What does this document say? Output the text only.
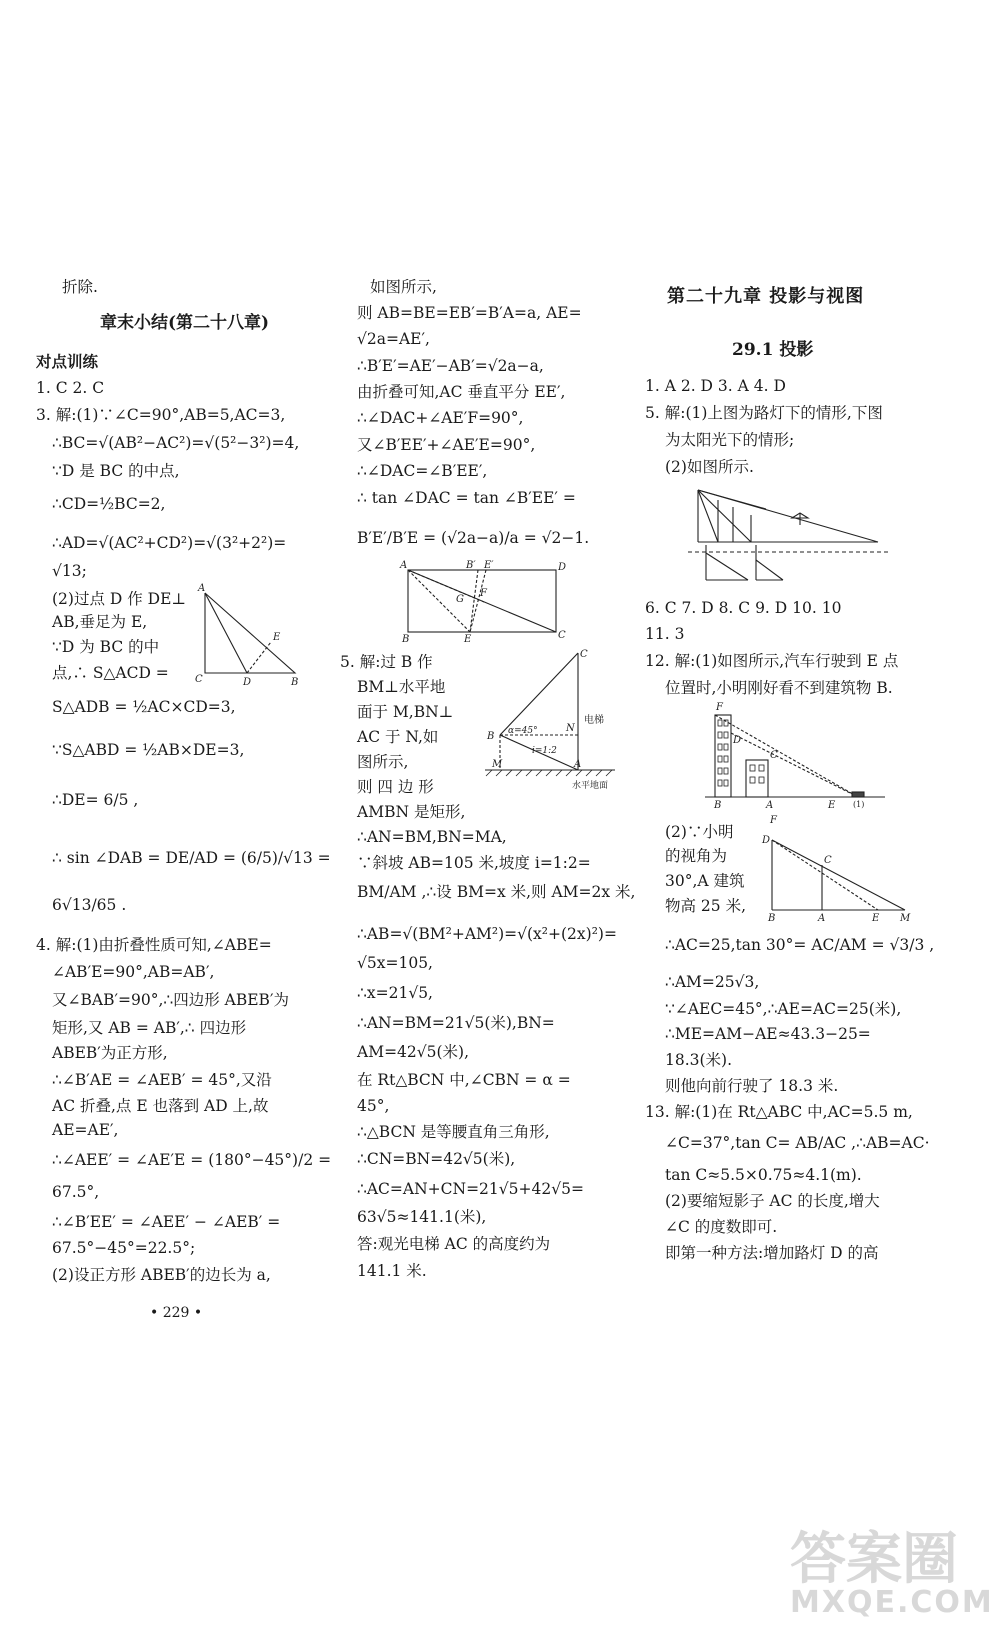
折除.
章末小结(第二十八章)
对点训练
1. C 2. C
3. 解:(1)∵∠C=90°,AB=5,AC=3,
∴BC=√(AB²−AC²)=√(5²−3²)=4,
∵D 是 BC 的中点,
∴CD=½BC=2,
∴AD=√(AC²+CD²)=√(3²+2²)=
√13;
(2)过点 D 作 DE⊥
AB,垂足为 E,
∵D 为 BC 的中
点,∴ S△ACD =
S△ADB = ½AC×CD=3,
∵S△ABD = ½AB×DE=3,
∴DE= 6/5 ,
∴ sin ∠DAB = DE/AD = (6/5)/√13 =
6√13/65 .
4. 解:(1)由折叠性质可知,∠ABE=
∠AB′E=90°,AB=AB′,
又∠BAB′=90°,∴四边形 ABEB′为
矩形,又 AB = AB′,∴ 四边形
ABEB′为正方形,
∴∠B′AE = ∠AEB′ = 45°,又沿
AC 折叠,点 E 也落到 AD 上,故
AE=AE′,
∴∠AEE′ = ∠AE′E = (180°−45°)/2 =
67.5°,
∴∠B′EE′ = ∠AEE′ − ∠AEB′ =
67.5°−45°=22.5°;
(2)设正方形 ABEB′的边长为 a,
A
E
C	D	B
• 229 •
如图所示,
则 AB=BE=EB′=B′A=a, AE=
√2a=AE′,
∴B′E′=AE′−AB′=√2a−a,
由折叠可知,AC 垂直平分 EE′,
∴∠DAC+∠AE′F=90°,
又∠B′EE′+∠AE′E=90°,
∴∠DAC=∠B′EE′,
∴ tan ∠DAC = tan ∠B′EE′ =
B′E′/B′E = (√2a−a)/a = √2−1.
A	B′ E′	D
G
F
B	E	C
5. 解:过 B 作
BM⊥水平地
面于 M,BN⊥
AC 于 N,如
图所示,
则 四 边 形
AMBN 是矩形,
∴AN=BM,BN=MA,
∵斜坡 AB=105 米,坡度 i=1:2=
BM/AM ,∴设 BM=x 米,则 AM=2x 米,
∴AB=√(BM²+AM²)=√(x²+(2x)²)=
√5x=105,
∴x=21√5,
∴AN=BM=21√5(米),BN=
AM=42√5(米),
在 Rt△BCN 中,∠CBN = α =
45°,
∴△BCN 是等腰直角三角形,
∴CN=BN=42√5(米),
∴AC=AN+CN=21√5+42√5=
63√5≈141.1(米),
答:观光电梯 AC 的高度约为
141.1 米.
C
N
电梯
B α=45°
i=1:2
M	A
水平地面
第二十九章 投影与视图
29.1 投影
1. A 2. D 3. A 4. D
5. 解:(1)上图为路灯下的情形,下图
为太阳光下的情形;
(2)如图所示.
6. C 7. D 8. C 9. D 10. 10
11. 3
12. 解:(1)如图所示,汽车行驶到 E 点
位置时,小明刚好看不到建筑物 B.
F
D
C
B	A	E (1)
(2)∵小明
的视角为
30°,A 建筑
物高 25 米,
F
D
C
B	A	E M
∴AC=25,tan 30°= AC/AM = √3/3 ,
∴AM=25√3,
∵∠AEC=45°,∴AE=AC=25(米),
∴ME=AM−AE≈43.3−25=
18.3(米).
则他向前行驶了 18.3 米.
13. 解:(1)在 Rt△ABC 中,AC=5.5 m,
∠C=37°,tan C= AB/AC ,∴AB=AC·
tan C≈5.5×0.75≈4.1(m).
(2)要缩短影子 AC 的长度,增大
∠C 的度数即可.
即第一种方法:增加路灯 D 的高
答案圈
MXQE.COM
